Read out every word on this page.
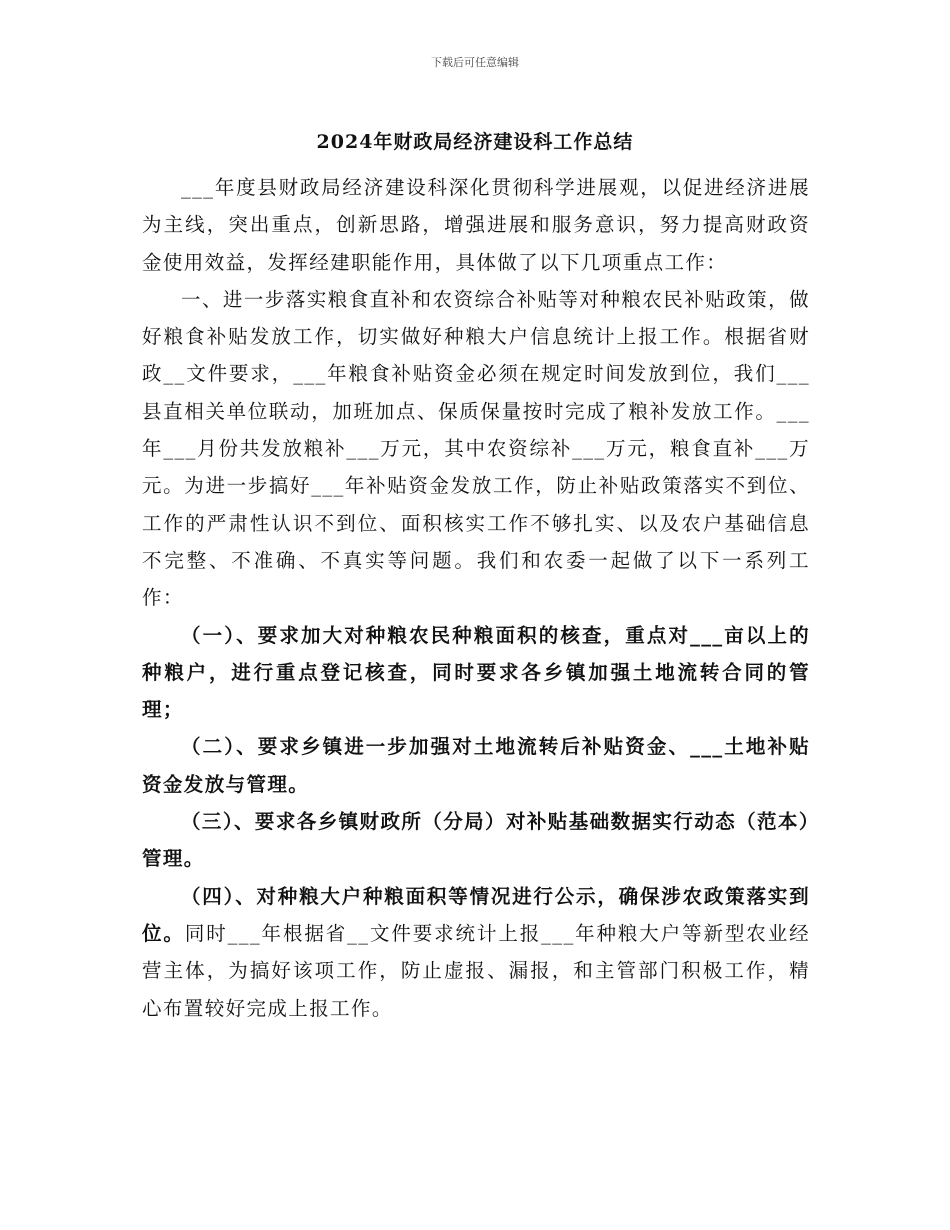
下载后可任意编辑
2024年财政局经济建设科工作总结

___年度县财政局经济建设科深化贯彻科学进展观，以促进经济进展为主线，突出重点，创新思路，增强进展和服务意识，努力提高财政资金使用效益，发挥经建职能作用，具体做了以下几项重点工作：

一、进一步落实粮食直补和农资综合补贴等对种粮农民补贴政策，做好粮食补贴发放工作，切实做好种粮大户信息统计上报工作。根据省财政__文件要求，___年粮食补贴资金必须在规定时间发放到位，我们___县直相关单位联动，加班加点、保质保量按时完成了粮补发放工作。___年___月份共发放粮补___万元，其中农资综补___万元，粮食直补___万元。为进一步搞好___年补贴资金发放工作，防止补贴政策落实不到位、工作的严肃性认识不到位、面积核实工作不够扎实、以及农户基础信息不完整、不准确、不真实等问题。我们和农委一起做了以下一系列工作：

（一）、要求加大对种粮农民种粮面积的核查，重点对___亩以上的种粮户，进行重点登记核查，同时要求各乡镇加强土地流转合同的管理；

（二）、要求乡镇进一步加强对土地流转后补贴资金、___土地补贴资金发放与管理。

（三）、要求各乡镇财政所（分局）对补贴基础数据实行动态（范本）管理。

（四）、对种粮大户种粮面积等情况进行公示，确保涉农政策落实到位。同时___年根据省__文件要求统计上报___年种粮大户等新型农业经营主体，为搞好该项工作，防止虚报、漏报，和主管部门积极工作，精心布置较好完成上报工作。
